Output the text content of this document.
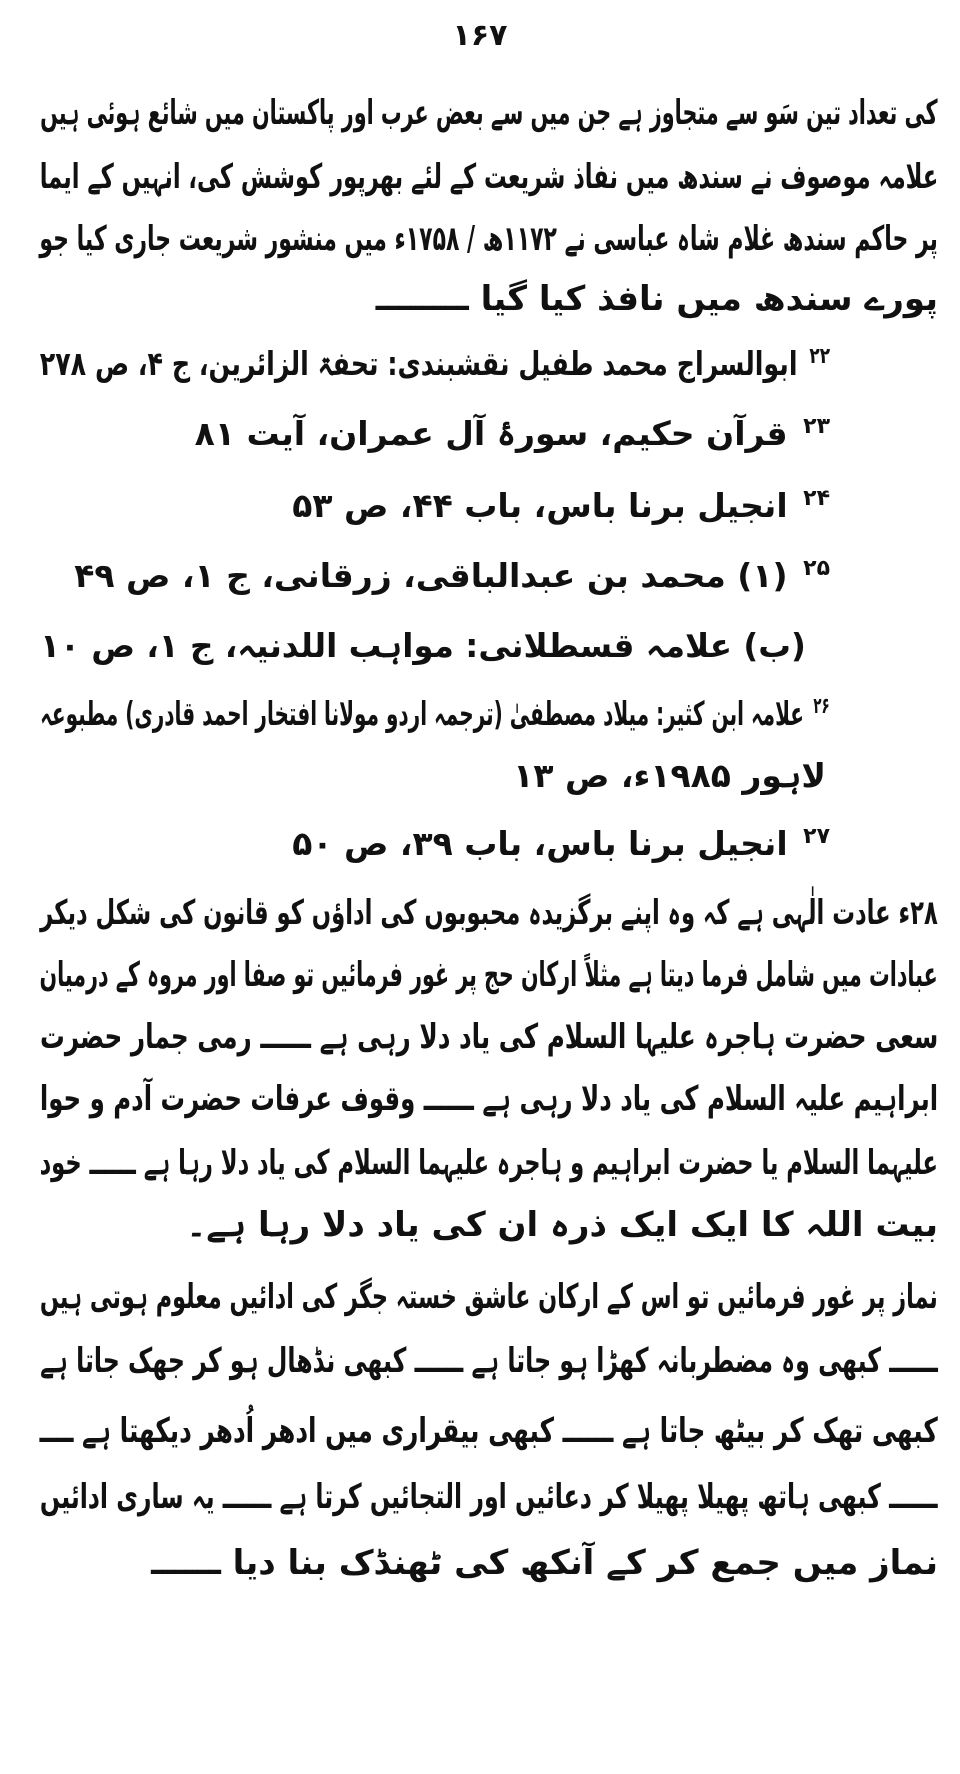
۱۶۷
کی تعداد تین سَو سے متجاوز ہے جن میں سے بعض عرب اور پاکستان میں شائع ہوئی ہیں
علامہ موصوف نے سندھ میں نفاذ شریعت کے لئے بھرپور کوشش کی، انہیں کے ایما
پر حاکم سندھ غلام شاہ عباسی نے ۱۱۷۲ھ / ۱۷۵۸ء میں منشور شریعت جاری کیا جو
پورے سندھ میں نافذ کیا گیا ــــــــ
$^{۲۲}$ ابوالسراج محمد طفیل نقشبندی: تحفۃ الزائرین، ج ۴، ص ۲۷۸
$^{۲۳}$ قرآن حکیم، سورۂ آل عمران، آیت ۸۱
$^{۲۴}$ انجیل برنا باس، باب ۴۴، ص ۵۳
$^{۲۵}$ (۱) محمد بن عبدالباقی، زرقانی، ج ۱، ص ۴۹
(ب) علامہ قسطلانی: مواہب اللدنیہ، ج ۱، ص ۱۰
$^{۲۶}$ علامہ ابن کثیر: میلاد مصطفیٰ (ترجمہ اردو مولانا افتخار احمد قادری) مطبوعہ
لاہور ۱۹۸۵ء، ص ۱۳
$^{۲۷}$ انجیل برنا باس، باب ۳۹، ص ۵۰
۲۸ء عادت الٰہی ہے کہ وہ اپنے برگزیدہ محبوبوں کی اداؤں کو قانون کی شکل دیکر
عبادات میں شامل فرما دیتا ہے مثلاً ارکان حج پر غور فرمائیں تو صفا اور مروہ کے درمیان
سعی حضرت ہاجرہ علیہا السلام کی یاد دلا رہی ہے ــــــ رمی جمار حضرت
ابراہیم علیہ السلام کی یاد دلا رہی ہے ــــــ وقوف عرفات حضرت آدم و حوا
علیہما السلام یا حضرت ابراہیم و ہاجرہ علیہما السلام کی یاد دلا رہا ہے ــــــ خود
بیت اللہ کا ایک ایک ذرہ ان کی یاد دلا رہا ہے۔
نماز پر غور فرمائیں تو اس کے ارکان عاشق خستہ جگر کی ادائیں معلوم ہوتی ہیں
ــــــ کبھی وہ مضطربانہ کھڑا ہو جاتا ہے ــــــ کبھی نڈھال ہو کر جھک جاتا ہے
کبھی تھک کر بیٹھ جاتا ہے ــــــ کبھی بیقراری میں ادھر اُدھر دیکھتا ہے ــــ
ــــــ کبھی ہاتھ پھیلا پھیلا کر دعائیں اور التجائیں کرتا ہے ــــــ یہ ساری ادائیں
نماز میں جمع کر کے آنکھ کی ٹھنڈک بنا دیا ــــــ
